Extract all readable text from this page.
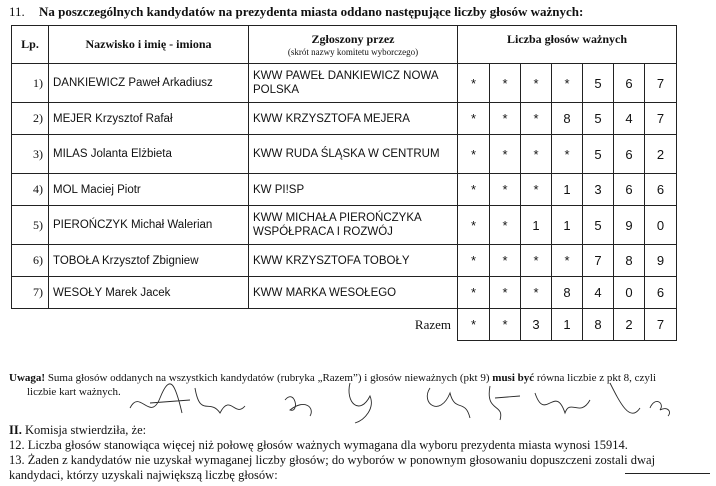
11. Na poszczególnych kandydatów na prezydenta miasta oddano następujące liczby głosów ważnych:
Lp.	Nazwisko i imię - imiona	Zgłoszony przez
(skrót nazwy komitetu wyborczego)	Liczba głosów ważnych						
1)	DANKIEWICZ Paweł Arkadiusz	KWW PAWEŁ DANKIEWICZ NOWA POLSKA	*	*	*	*	5	6	7
2)	MEJER Krzysztof Rafał	KWW KRZYSZTOFA MEJERA	*	*	*	8	5	4	7
3)	MILAS Jolanta Elżbieta	KWW RUDA ŚLĄSKA W CENTRUM	*	*	*	*	5	6	2
4)	MOL Maciej Piotr	KW PI!SP	*	*	*	1	3	6	6
5)	PIEROŃCZYK Michał Walerian	KWW MICHAŁA PIEROŃCZYKA WSPÓŁPRACA I ROZWÓJ	*	*	1	1	5	9	0
6)	TOBOŁA Krzysztof Zbigniew	KWW KRZYSZTOFA TOBOŁY	*	*	*	*	7	8	9
7)	WESOŁY Marek Jacek	KWW MARKA WESOŁEGO	*	*	*	8	4	0	6
		Razem	*	*	3	1	8	2	7
Uwaga! Suma głosów oddanych na wszystkich kandydatów (rubryka „Razem”) i głosów nieważnych (pkt 9) musi być równa liczbie z pkt 8, czyli
liczbie kart ważnych.

II. Komisja stwierdziła, że:

12. Liczba głosów stanowiąca więcej niż połowę głosów ważnych wymagana dla wyboru prezydenta miasta wynosi 15914.

13. Żaden z kandydatów nie uzyskał wymaganej liczby głosów; do wyborów w ponownym głosowaniu dopuszczeni zostali dwaj

kandydaci, którzy uzyskali największą liczbę głosów:
